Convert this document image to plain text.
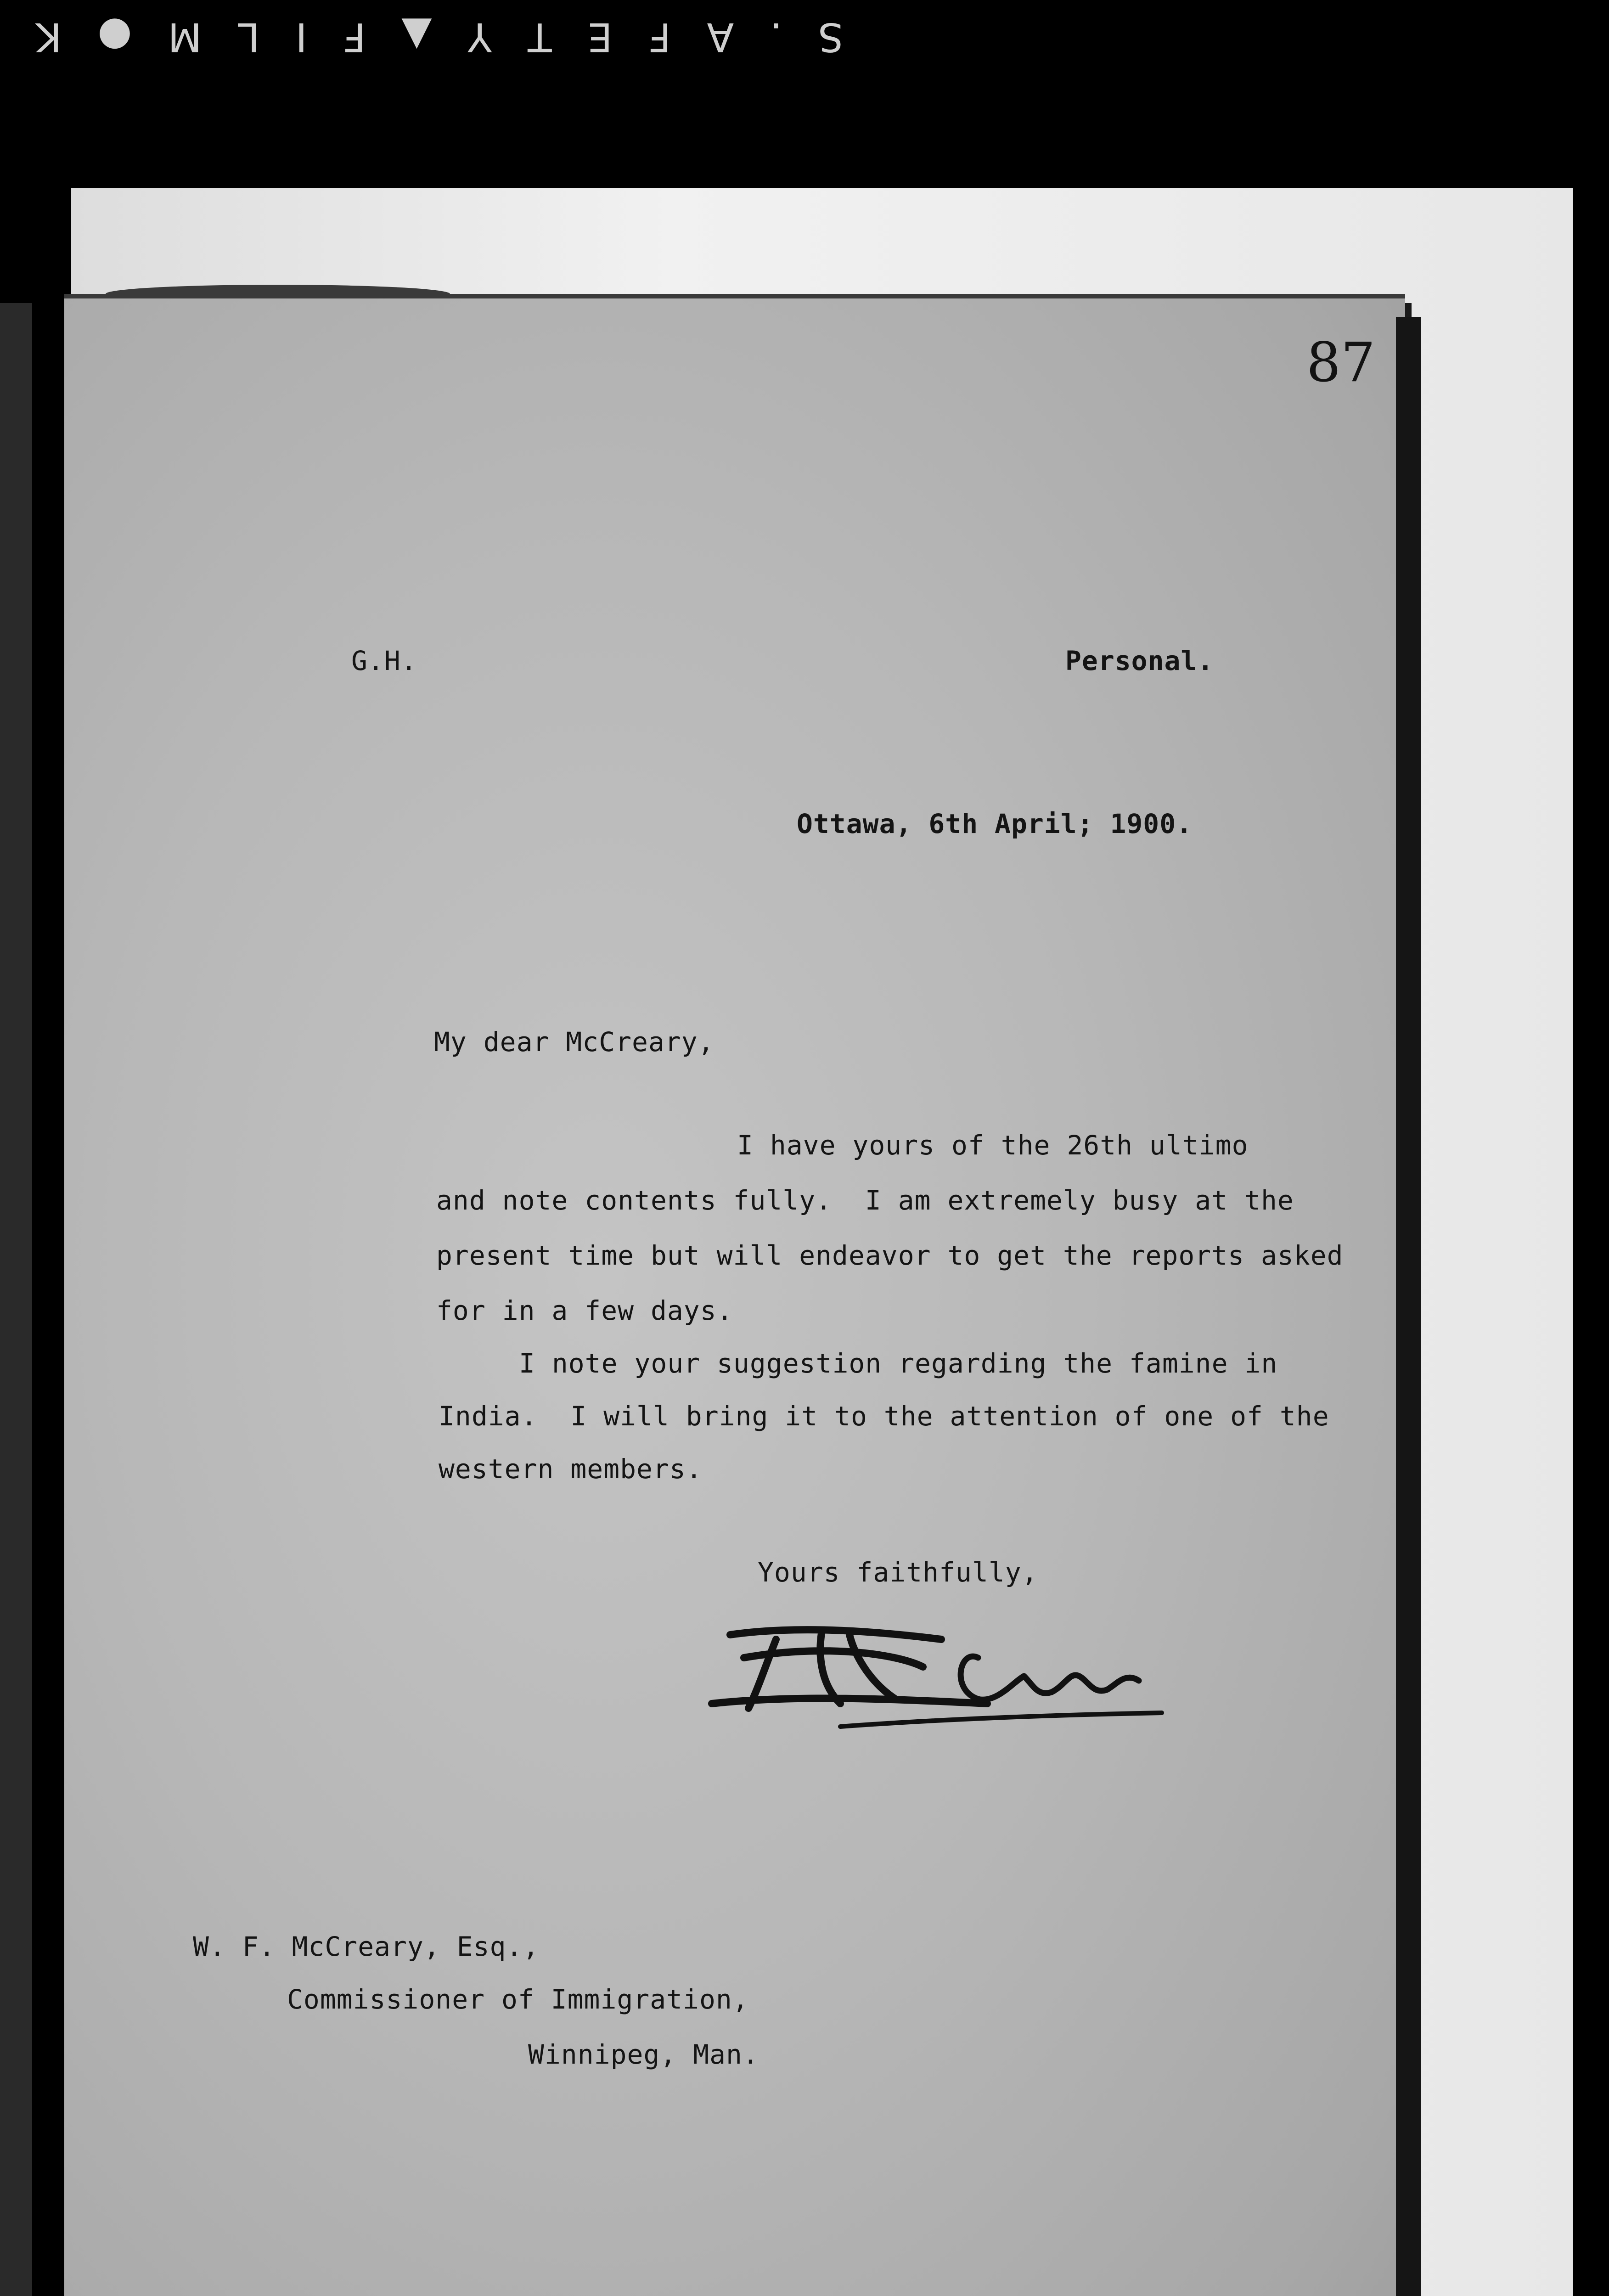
S.AFETY▲FILM●
K
87
G.H.	Personal.
Ottawa, 6th April; 1900.
My dear McCreary,
I have yours of the 26th ultimo
and note contents fully.  I am extremely busy at the
present time but will endeavor to get the reports asked
for in a few days.
I note your suggestion regarding the famine in
India.  I will bring it to the attention of one of the
western members.
Yours faithfully,
W. F. McCreary, Esq.,
Commissioner of Immigration,
Winnipeg, Man.
